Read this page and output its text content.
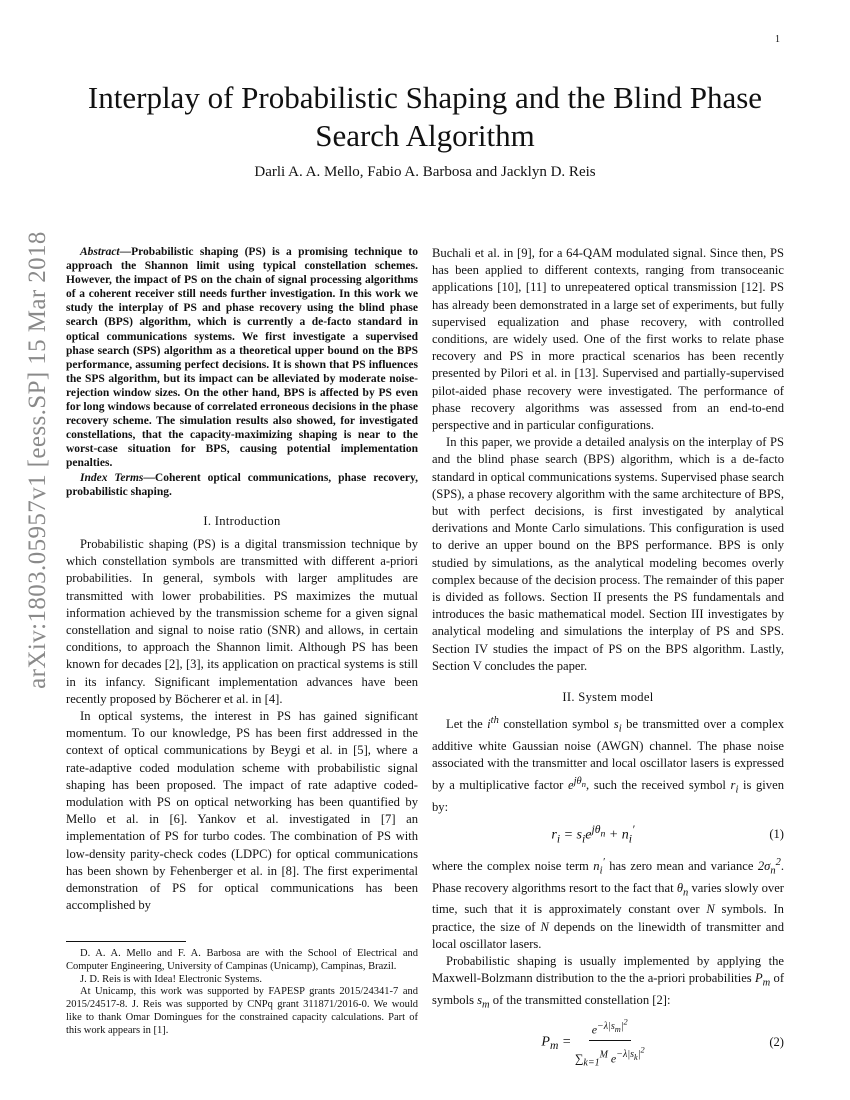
1
arXiv:1803.05957v1 [eess.SP] 15 Mar 2018
Interplay of Probabilistic Shaping and the Blind Phase Search Algorithm
Darli A. A. Mello, Fabio A. Barbosa and Jacklyn D. Reis

Abstract—Probabilistic shaping (PS) is a promising technique to approach the Shannon limit using typical constellation schemes. However, the impact of PS on the chain of signal processing algorithms of a coherent receiver still needs further investigation. In this work we study the interplay of PS and phase recovery using the blind phase search (BPS) algorithm, which is currently a de-facto standard in optical communications systems. We first investigate a supervised phase search (SPS) algorithm as a theoretical upper bound on the BPS performance, assuming perfect decisions. It is shown that PS influences the SPS algorithm, but its impact can be alleviated by moderate noise-rejection window sizes. On the other hand, BPS is affected by PS even for long windows because of correlated erroneous decisions in the phase recovery scheme. The simulation results also showed, for investigated constellations, that the capacity-maximizing shaping is near to the worst-case situation for BPS, causing potential implementation penalties.

Index Terms—Coherent optical communications, phase recovery, probabilistic shaping.

I. Introduction

Probabilistic shaping (PS) is a digital transmission technique by which constellation symbols are transmitted with different a-priori probabilities. In general, symbols with larger amplitudes are transmitted with lower probabilities. PS maximizes the mutual information achieved by the transmission scheme for a given signal constellation and signal to noise ratio (SNR) and allows, in certain conditions, to approach the Shannon limit. Although PS has been known for decades [2], [3], its application on practical systems is still in its infancy. Significant implementation advances have been recently proposed by Böcherer et al. in [4].

In optical systems, the interest in PS has gained significant momentum. To our knowledge, PS has been first addressed in the context of optical communications by Beygi et al. in [5], where a rate-adaptive coded modulation scheme with probabilistic signal shaping has been proposed. The impact of rate adaptive coded-modulation with PS on optical networking has been quantified by Mello et al. in [6]. Yankov et al. investigated in [7] an implementation of PS for turbo codes. The combination of PS with low-density parity-check codes (LDPC) for optical communications has been shown by Fehenberger et al. in [8]. The first experimental demonstration of PS for optical communications has been accomplished by

D. A. A. Mello and F. A. Barbosa are with the School of Electrical and Computer Engineering, University of Campinas (Unicamp), Campinas, Brazil.

J. D. Reis is with Idea! Electronic Systems.

At Unicamp, this work was supported by FAPESP grants 2015/24341-7 and 2015/24517-8. J. Reis was supported by CNPq grant 311871/2016-0. We would like to thank Omar Domingues for the constrained capacity calculations. Part of this work appears in [1].

Buchali et al. in [9], for a 64-QAM modulated signal. Since then, PS has been applied to different contexts, ranging from transoceanic applications [10], [11] to unrepeatered optical transmission [12]. PS has already been demonstrated in a large set of experiments, but fully supervised equalization and phase recovery, with controlled conditions, are widely used. One of the first works to relate phase recovery and PS in more practical scenarios has been recently presented by Pilori et al. in [13]. Supervised and partially-supervised pilot-aided phase recovery were investigated. The performance of phase recovery algorithms was assessed from an end-to-end perspective and in particular configurations.

In this paper, we provide a detailed analysis on the interplay of PS and the blind phase search (BPS) algorithm, which is a de-facto standard in optical communications systems. Supervised phase search (SPS), a phase recovery algorithm with the same architecture of BPS, but with perfect decisions, is first investigated by analytical derivations and Monte Carlo simulations. This configuration is used to derive an upper bound on the BPS performance. BPS is only studied by simulations, as the analytical modeling becomes overly complex because of the decision process. The remainder of this paper is divided as follows. Section II presents the PS fundamentals and introduces the basic mathematical model. Section III investigates by analytical modeling and simulations the interplay of PS and SPS. Section IV studies the impact of PS on the BPS algorithm. Lastly, Section V concludes the paper.

II. System model

Let the $i^{th}$ constellation symbol $s_i$ be transmitted over a complex additive white Gaussian noise (AWGN) channel. The phase noise associated with the transmitter and local oscillator lasers is expressed by a multiplicative factor $e^{j\theta_n}$, such the received symbol $r_i$ is given by:

$r_i = s_ie^{j\theta_n} + n_i'$	(1)

where the complex noise term $n_i'$ has zero mean and variance $2\sigma_n^2$. Phase recovery algorithms resort to the fact that $\theta_n$ varies slowly over time, such that it is approximately constant over N symbols. In practice, the size of N depends on the linewidth of transmitter and local oscillator lasers.

Probabilistic shaping is usually implemented by applying the Maxwell-Bolzmann distribution to the the a-priori probabilities $P_m$ of symbols $s_m$ of the transmitted constellation [2]:

$P_m = \frac{e^{-\lambda|s_m|^2}}{\sum_{k=1}^M e^{-\lambda|s_k|^2}}$	(2)
